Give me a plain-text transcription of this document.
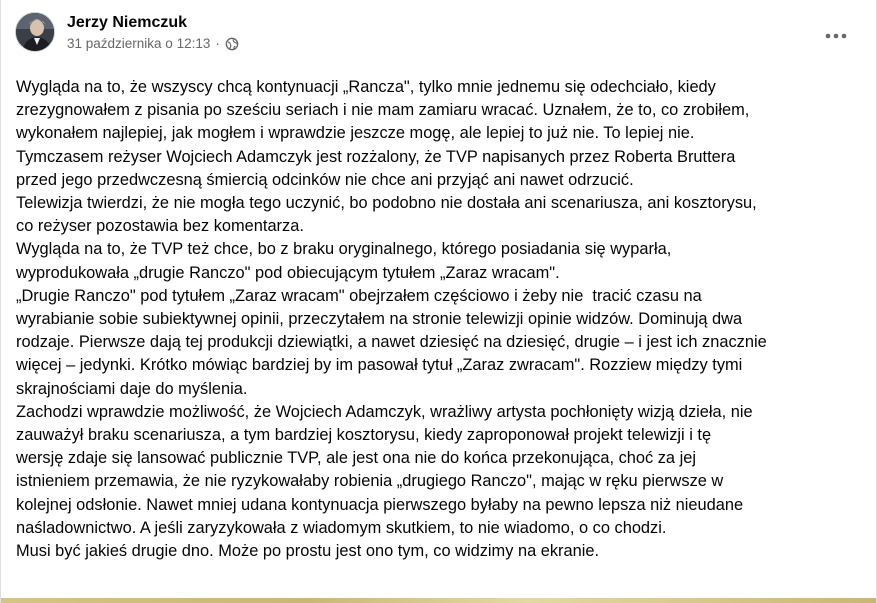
Jerzy Niemczuk
31 października o 12:13 ·

Wygląda na to, że wszyscy chcą kontynuacji „Rancza", tylko mnie jednemu się odechciało, kiedy

zrezygnowałem z pisania po sześciu seriach i nie mam zamiaru wracać. Uznałem, że to, co zrobiłem,

wykonałem najlepiej, jak mogłem i wprawdzie jeszcze mogę, ale lepiej to już nie. To lepiej nie.

Tymczasem reżyser Wojciech Adamczyk jest rozżalony, że TVP napisanych przez Roberta Bruttera

przed jego przedwczesną śmiercią odcinków nie chce ani przyjąć ani nawet odrzucić.

Telewizja twierdzi, że nie mogła tego uczynić, bo podobno nie dostała ani scenariusza, ani kosztorysu,

co reżyser pozostawia bez komentarza.

Wygląda na to, że TVP też chce, bo z braku oryginalnego, którego posiadania się wyparła,

wyprodukowała „drugie Ranczo" pod obiecującym tytułem „Zaraz wracam".

„Drugie Ranczo" pod tytułem „Zaraz wracam" obejrzałem częściowo i żeby nie  tracić czasu na

wyrabianie sobie subiektywnej opinii, przeczytałem na stronie telewizji opinie widzów. Dominują dwa

rodzaje. Pierwsze dają tej produkcji dziewiątki, a nawet dziesięć na dziesięć, drugie – i jest ich znacznie

więcej – jedynki. Krótko mówiąc bardziej by im pasował tytuł „Zaraz zwracam". Rozziew między tymi

skrajnościami daje do myślenia.

Zachodzi wprawdzie możliwość, że Wojciech Adamczyk, wrażliwy artysta pochłonięty wizją dzieła, nie

zauważył braku scenariusza, a tym bardziej kosztorysu, kiedy zaproponował projekt telewizji i tę

wersję zdaje się lansować publicznie TVP, ale jest ona nie do końca przekonująca, choć za jej

istnieniem przemawia, że nie ryzykowałaby robienia „drugiego Ranczo", mając w ręku pierwsze w

kolejnej odsłonie. Nawet mniej udana kontynuacja pierwszego byłaby na pewno lepsza niż nieudane

naśladownictwo. A jeśli zaryzykowała z wiadomym skutkiem, to nie wiadomo, o co chodzi.

Musi być jakieś drugie dno. Może po prostu jest ono tym, co widzimy na ekranie.
